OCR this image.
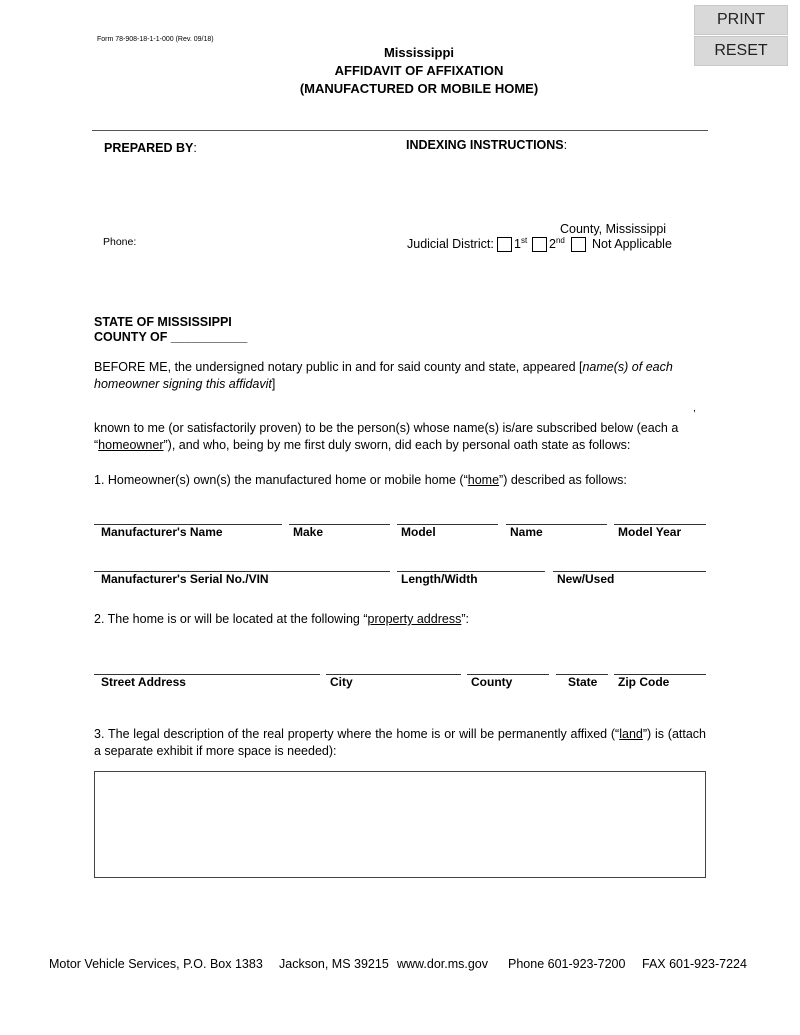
PRINT
RESET
Form 78-908-18-1-1-000 (Rev. 09/18)
Mississippi
AFFIDAVIT OF AFFIXATION
(MANUFACTURED OR MOBILE HOME)
PREPARED BY:	INDEXING INSTRUCTIONS:
County, Mississippi
Phone:	Judicial District: 1st 2nd Not Applicable
STATE OF MISSISSIPPI
COUNTY OF ___________
BEFORE ME, the undersigned notary public in and for said county and state, appeared [name(s) of each homeowner signing this affidavit]
,
known to me (or satisfactorily proven) to be the person(s) whose name(s) is/are subscribed below (each a “homeowner”), and who, being by me first duly sworn, did each by personal oath state as follows:
1. Homeowner(s) own(s) the manufactured home or mobile home (“home”) described as follows:
Manufacturer's Name	Make	Model	Name	Model Year
Manufacturer's Serial No./VIN	Length/Width	New/Used
2. The home is or will be located at the following “property address”:
Street Address	City	County	State Zip Code
3. The legal description of the real property where the home is or will be permanently affixed (“land”) is (attach a separate exhibit if more space is needed):
Motor Vehicle Services, P.O. Box 1383 Jackson, MS 39215 www.dor.ms.gov Phone 601-923-7200 FAX 601-923-7224
